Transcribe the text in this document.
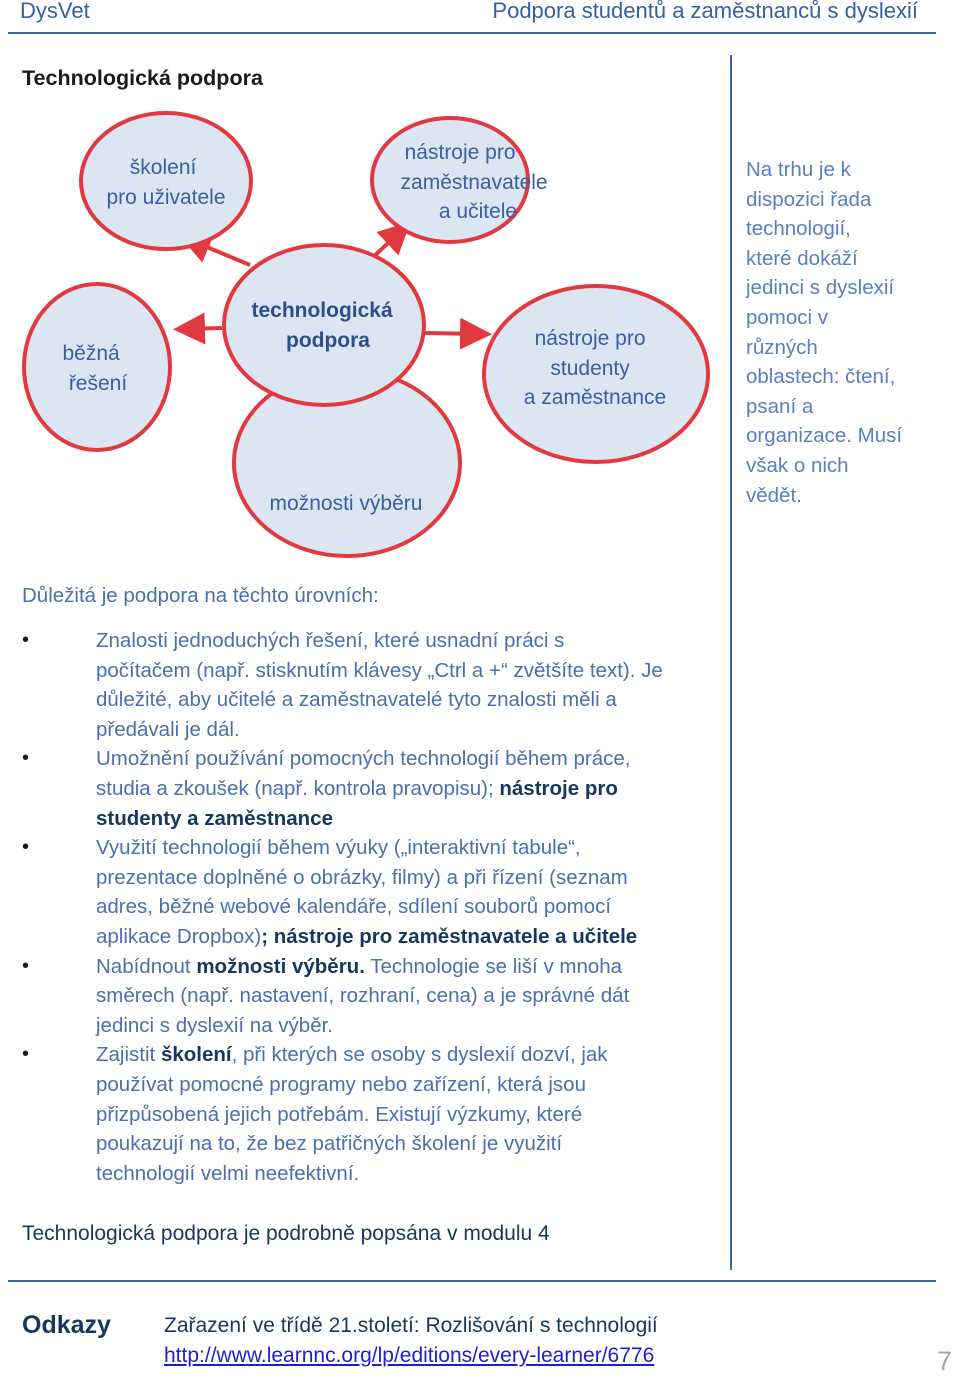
DysVet	Podpora studentů a zaměstnanců s dyslexií
Technologická podpora
běžná řešení
školení pro uživatele
nástroje pro zaměstnavatele a učitele
nástroje pro studenty a zaměstnance
možnosti výběru
technologická podpora
Na trhu je k
dispozici řada
technologií,
které dokáží
jedinci s dyslexií
pomoci v
různých
oblastech: čtení,
psaní a
organizace. Musí
však o nich
vědět.
Důležitá je podpora na těchto úrovních:
•	Znalosti jednoduchých řešení, které usnadní práci s
počítačem (např. stisknutím klávesy „Ctrl a +“ zvětšíte text). Je
důležité, aby učitelé a zaměstnavatelé tyto znalosti měli a
předávali je dál.
•	Umožnění používání pomocných technologií během práce,
studia a zkoušek (např. kontrola pravopisu); nástroje pro
studenty a zaměstnance
•	Využití technologií během výuky („interaktivní tabule“,
prezentace doplněné o obrázky, filmy) a při řízení (seznam
adres, běžné webové kalendáře, sdílení souborů pomocí
aplikace Dropbox); nástroje pro zaměstnavatele a učitele
•	Nabídnout možnosti výběru. Technologie se liší v mnoha
směrech (např. nastavení, rozhraní, cena) a je správné dát
jedinci s dyslexií na výběr.
•	Zajistit školení, při kterých se osoby s dyslexií dozví, jak
používat pomocné programy nebo zařízení, která jsou
přizpůsobená jejich potřebám. Existují výzkumy, které
poukazují na to, že bez patřičných školení je využití
technologií velmi neefektivní.
Technologická podpora je podrobně popsána v modulu 4
Odkazy	Zařazení ve třídě 21.století: Rozlišování s technologií
http://www.learnnc.org/lp/editions/every-learner/6776	7
